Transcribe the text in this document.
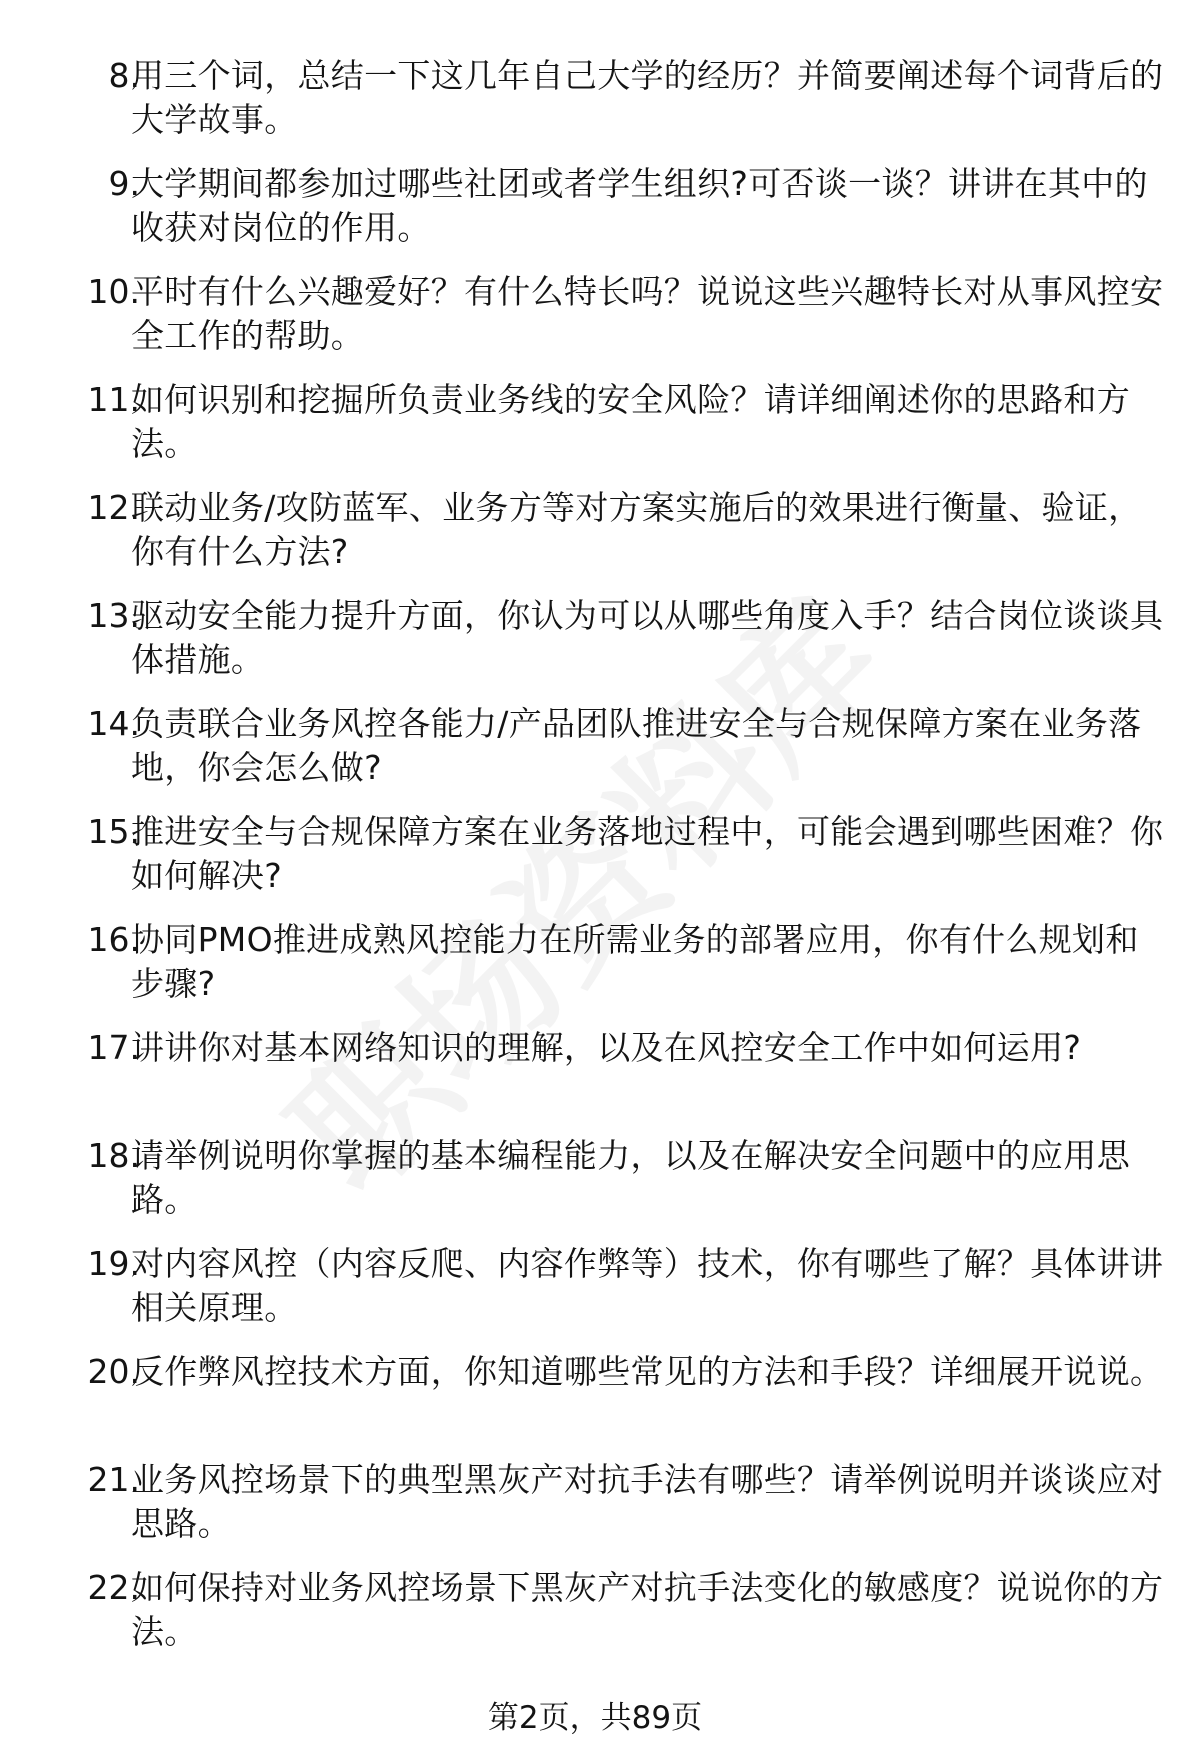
8.
用三个词，总结一下这几年自己大学的经历？并简要阐述每个词背后的大学故事。
9.
大学期间都参加过哪些社团或者学生组织?可否谈一谈？讲讲在其中的收获对岗位的作用。
10.
平时有什么兴趣爱好？有什么特长吗？说说这些兴趣特长对从事风控安全工作的帮助。
11.
如何识别和挖掘所负责业务线的安全风险？请详细阐述你的思路和方法。
12.
联动业务/攻防蓝军、业务方等对方案实施后的效果进行衡量、验证，你有什么方法?
13.
驱动安全能力提升方面，你认为可以从哪些角度入手？结合岗位谈谈具体措施。
14.
负责联合业务风控各能力/产品团队推进安全与合规保障方案在业务落地，你会怎么做?
15.
推进安全与合规保障方案在业务落地过程中，可能会遇到哪些困难？你如何解决?
16.
协同PMO推进成熟风控能力在所需业务的部署应用，你有什么规划和步骤?
17.
讲讲你对基本网络知识的理解，以及在风控安全工作中如何运用?
18.
请举例说明你掌握的基本编程能力，以及在解决安全问题中的应用思路。
19.
对内容风控（内容反爬、内容作弊等）技术，你有哪些了解？具体讲讲相关原理。
20.
反作弊风控技术方面，你知道哪些常见的方法和手段？详细展开说说。
21.
业务风控场景下的典型黑灰产对抗手法有哪些？请举例说明并谈谈应对思路。
22.
如何保持对业务风控场景下黑灰产对抗手法变化的敏感度？说说你的方法。
第2页，共89页
